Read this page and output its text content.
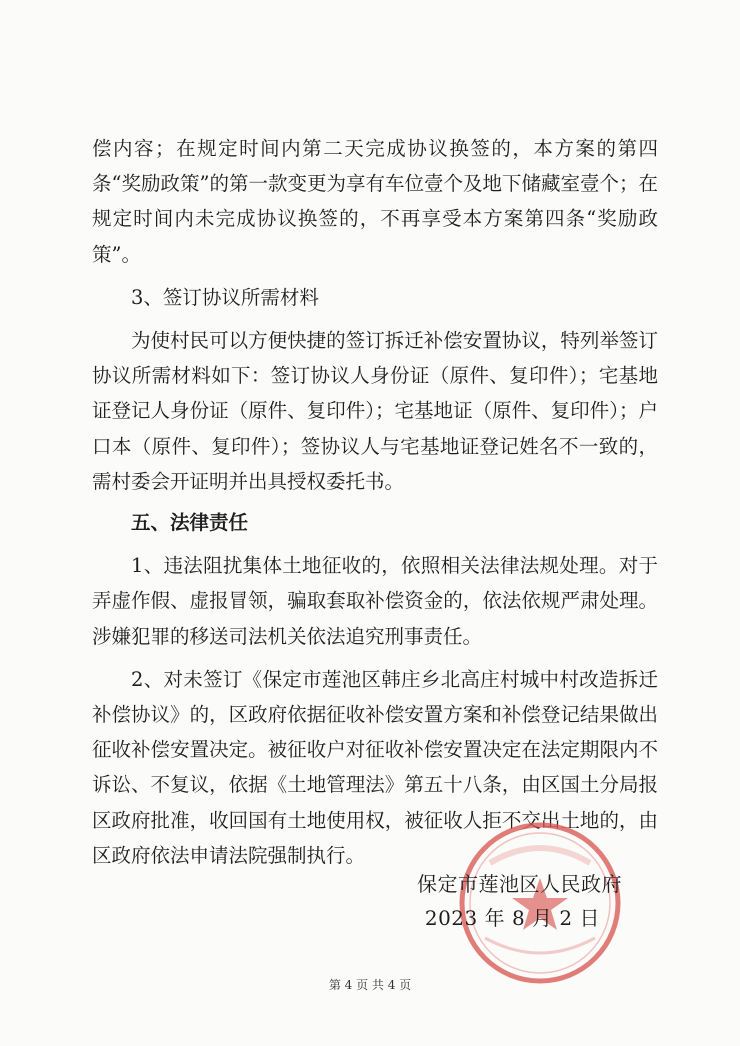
偿内容；在规定时间内第二天完成协议换签的，本方案的第四条“奖励政策”的第一款变更为享有车位壹个及地下储藏室壹个；在规定时间内未完成协议换签的，不再享受本方案第四条“奖励政策”。

3、签订协议所需材料

为使村民可以方便快捷的签订拆迁补偿安置协议，特列举签订协议所需材料如下：签订协议人身份证（原件、复印件）；宅基地证登记人身份证（原件、复印件）；宅基地证（原件、复印件）；户口本（原件、复印件）；签协议人与宅基地证登记姓名不一致的，需村委会开证明并出具授权委托书。

五、法律责任

1、违法阻扰集体土地征收的，依照相关法律法规处理。对于弄虚作假、虚报冒领，骗取套取补偿资金的，依法依规严肃处理。涉嫌犯罪的移送司法机关依法追究刑事责任。

2、对未签订《保定市莲池区韩庄乡北高庄村城中村改造拆迁补偿协议》的，区政府依据征收补偿安置方案和补偿登记结果做出征收补偿安置决定。被征收户对征收补偿安置决定在法定期限内不诉讼、不复议，依据《土地管理法》第五十八条，由区国土分局报区政府批准，收回国有土地使用权，被征收人拒不交出土地的，由区政府依法申请法院强制执行。

保定市莲池区人民政府
2023 年 8 月 2 日
第 4 页 共 4 页
